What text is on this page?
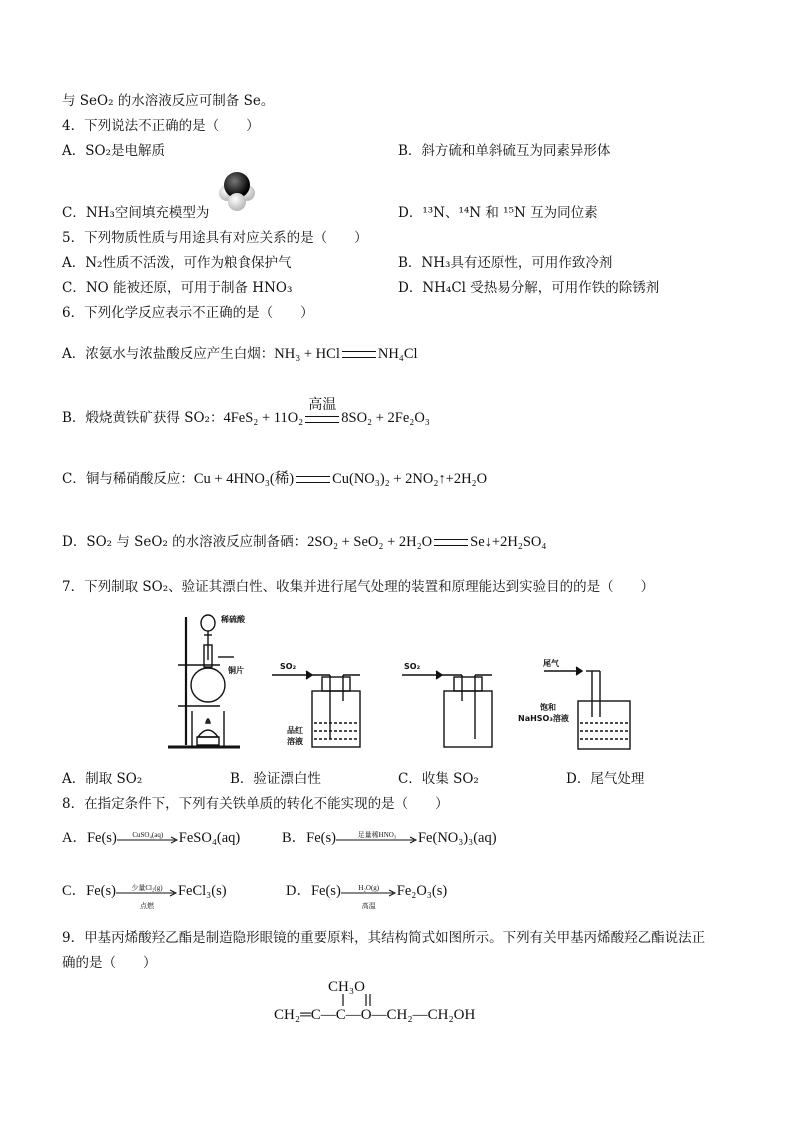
与 SeO₂ 的水溶液反应可制备 Se。
4．下列说法不正确的是（　　）
A．SO₂是电解质	B．斜方硫和单斜硫互为同素异形体
C．NH₃空间填充模型为	D．¹³N、¹⁴N 和 ¹⁵N 互为同位素
5．下列物质性质与用途具有对应关系的是（　　）
A．N₂性质不活泼，可作为粮食保护气	B．NH₃具有还原性，可用作致冷剂
C．NO 能被还原，可用于制备 HNO₃	D．NH₄Cl 受热易分解，可用作铁的除锈剂
6．下列化学反应表示不正确的是（　　）
A．浓氨水与浓盐酸反应产生白烟：NH₃ + HCl	NH₄Cl
B．煅烧黄铁矿获得 SO₂：4FeS₂ + 11O₂
高温
8SO₂ + 2Fe₂O₃
C．铜与稀硝酸反应：Cu + 4HNO₃(稀)	Cu(NO₃)₂ + 2NO₂↑+2H₂O
D．SO₂ 与 SeO₂ 的水溶液反应制备硒：2SO₂ + SeO₂ + 2H₂O	Se↓+2H₂SO₄
7．下列制取 SO₂、验证其漂白性、收集并进行尾气处理的装置和原理能达到实验目的的是（　　）
稀硫酸
铜片	SO₂
品红溶液
SO₂	尾气
饱和
NaHSO₃溶液
A．制取 SO₂	B．验证漂白性	C．收集 SO₂	D．尾气处理
8．在指定条件下，下列有关铁单质的转化不能实现的是（　　）
A．Fe(s)	CuSO₄(aq)	FeSO₄(aq)	B．Fe(s)	足量稀HNO₃	Fe(NO₃)₃(aq)
C．Fe(s)	少量Cl₂(g)
点燃
FeCl₃(s)	D．Fe(s)	H₂O(g)
高温
Fe₂O₃(s)
9．甲基丙烯酸羟乙酯是制造隐形眼镜的重要原料，其结构简式如图所示。下列有关甲基丙烯酸羟乙酯说法正
确的是（　　）
CH₃O
CH₂═C—C—O—CH₂—CH₂OH
